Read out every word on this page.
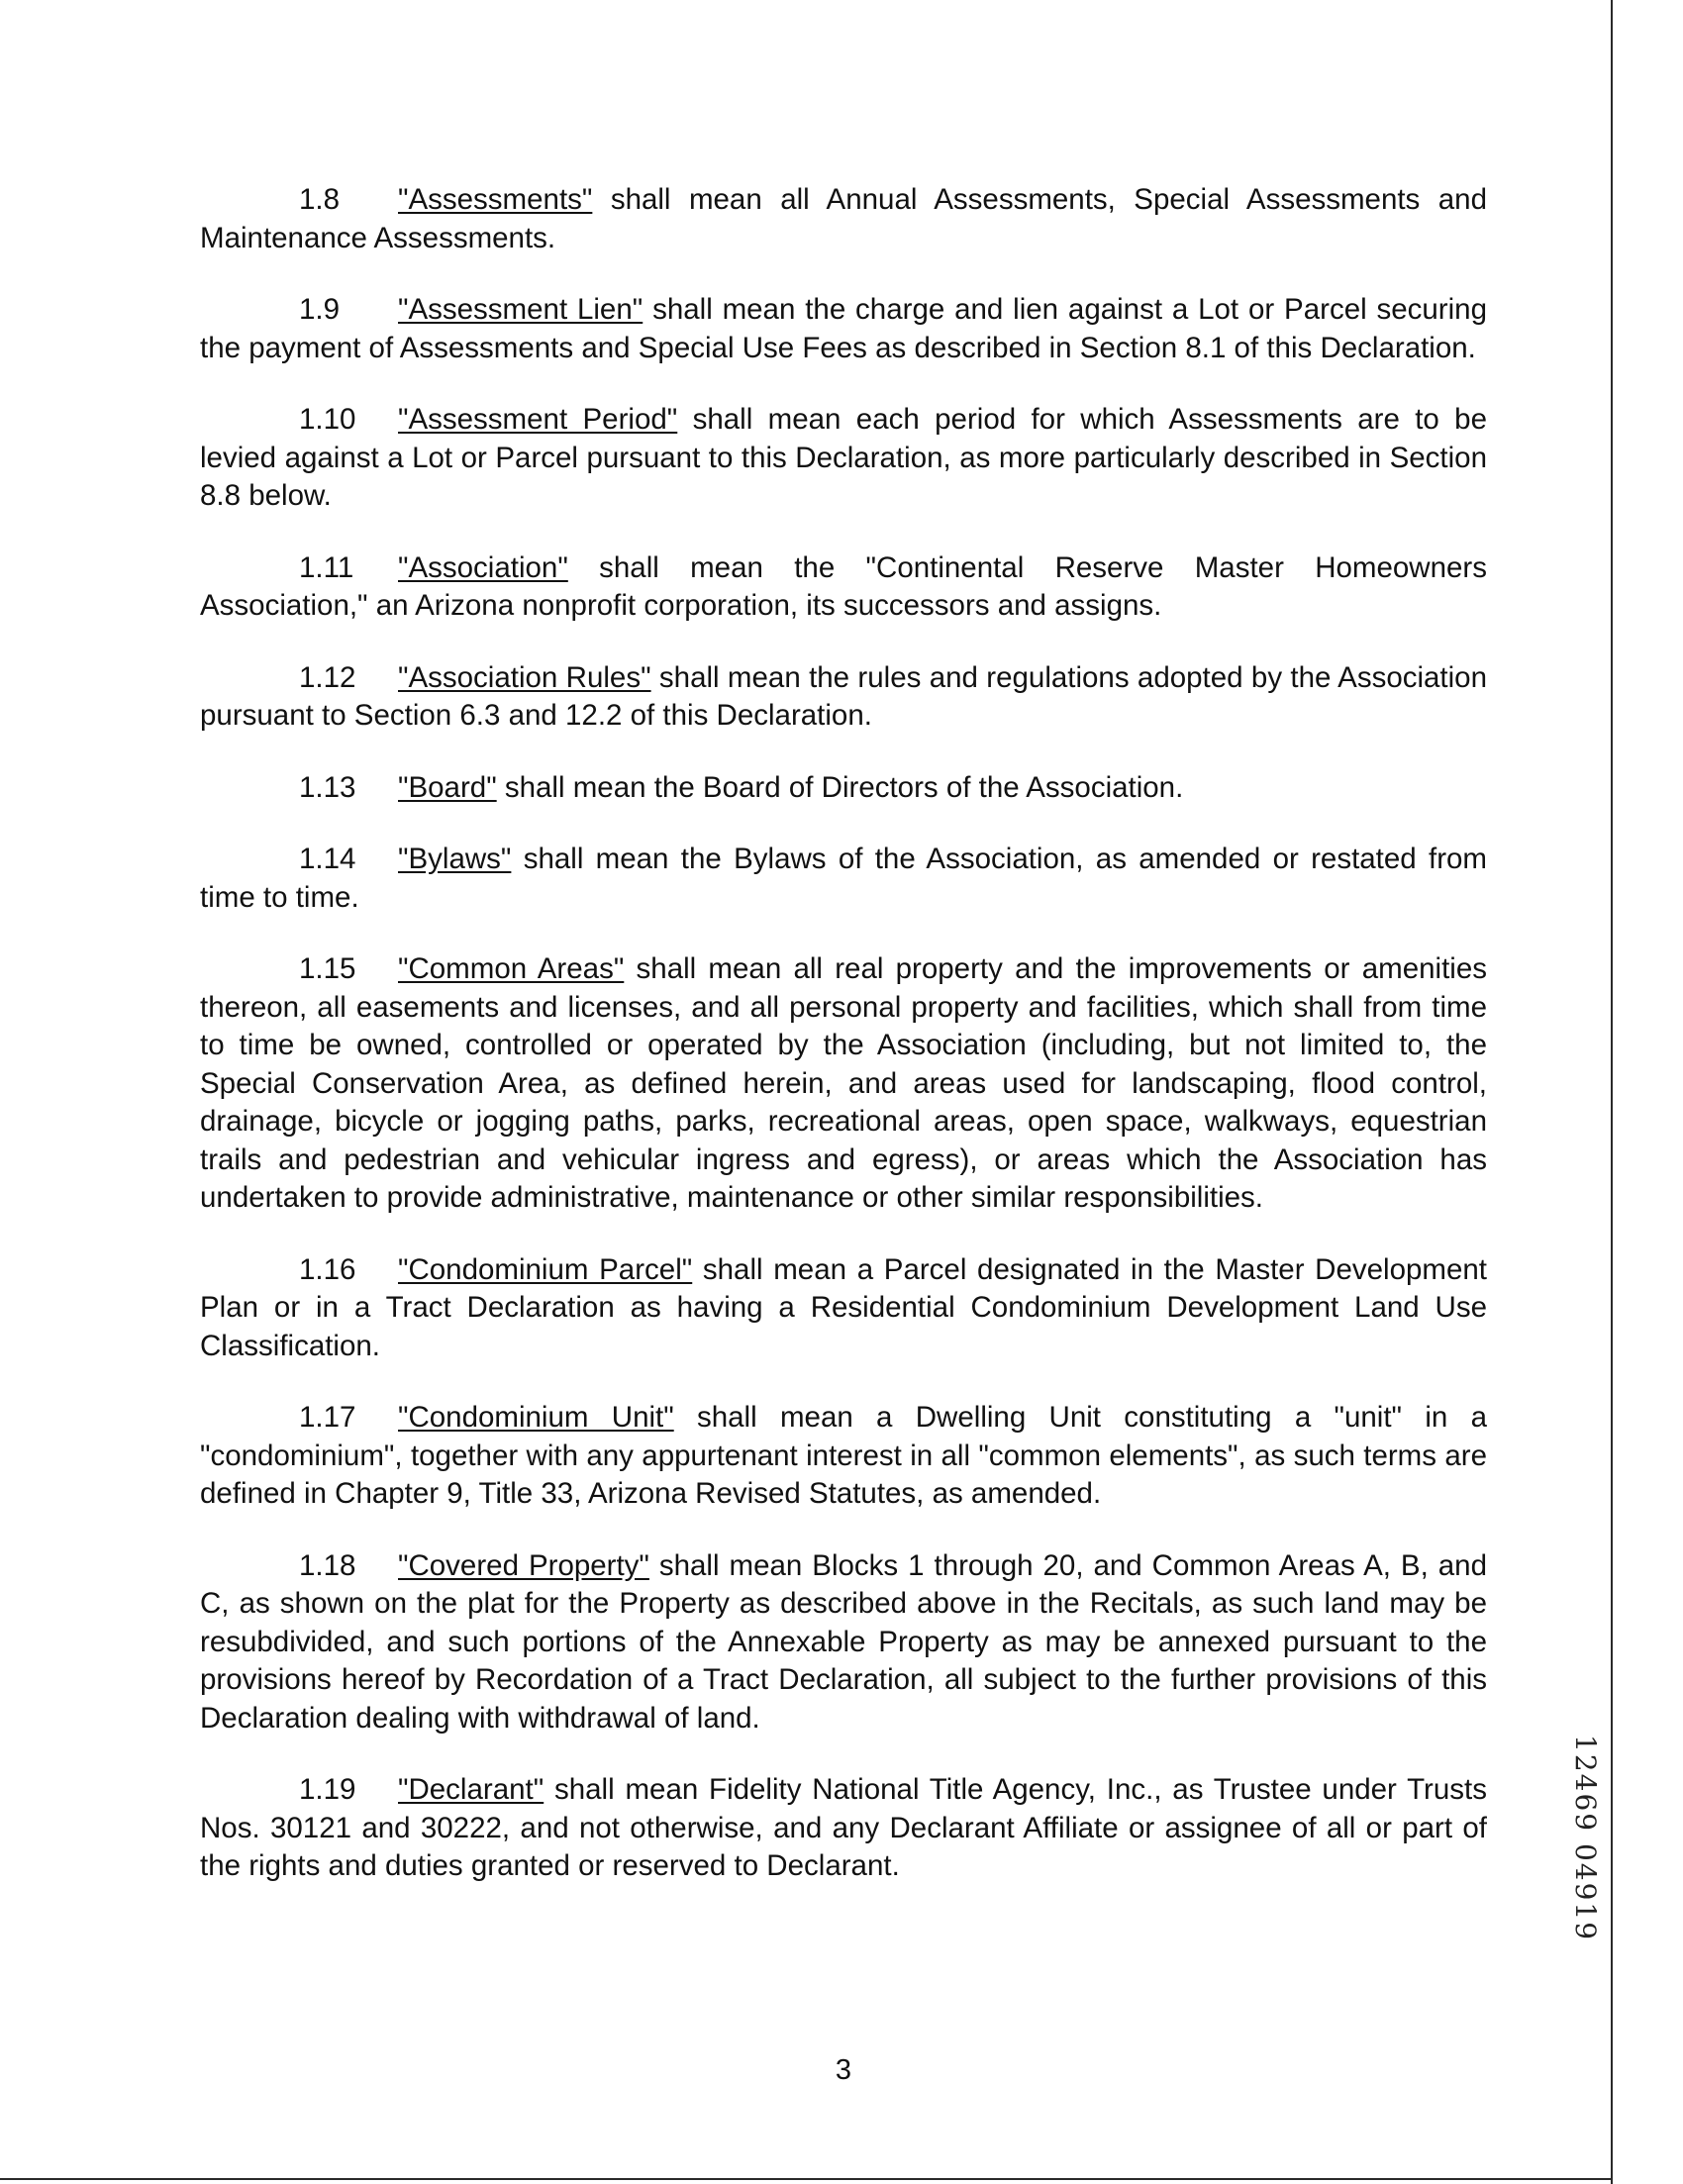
1.8 "Assessments" shall mean all Annual Assessments, Special Assessments and Maintenance Assessments.

1.9 "Assessment Lien" shall mean the charge and lien against a Lot or Parcel securing the payment of Assessments and Special Use Fees as described in Section 8.1 of this Declaration.

1.10 "Assessment Period" shall mean each period for which Assessments are to be levied against a Lot or Parcel pursuant to this Declaration, as more particularly described in Section 8.8 below.

1.11 "Association" shall mean the "Continental Reserve Master Homeowners Association," an Arizona nonprofit corporation, its successors and assigns.

1.12 "Association Rules" shall mean the rules and regulations adopted by the Association pursuant to Section 6.3 and 12.2 of this Declaration.

1.13 "Board" shall mean the Board of Directors of the Association.

1.14 "Bylaws" shall mean the Bylaws of the Association, as amended or restated from time to time.

1.15 "Common Areas" shall mean all real property and the improvements or amenities thereon, all easements and licenses, and all personal property and facilities, which shall from time to time be owned, controlled or operated by the Association (including, but not limited to, the Special Conservation Area, as defined herein, and areas used for landscaping, flood control, drainage, bicycle or jogging paths, parks, recreational areas, open space, walkways, equestrian trails and pedestrian and vehicular ingress and egress), or areas which the Association has undertaken to provide administrative, maintenance or other similar responsibilities.

1.16 "Condominium Parcel" shall mean a Parcel designated in the Master Development Plan or in a Tract Declaration as having a Residential Condominium Development Land Use Classification.

1.17 "Condominium Unit" shall mean a Dwelling Unit constituting a "unit" in a "condominium", together with any appurtenant interest in all "common elements", as such terms are defined in Chapter 9, Title 33, Arizona Revised Statutes, as amended.

1.18 "Covered Property" shall mean Blocks 1 through 20, and Common Areas A, B, and C, as shown on the plat for the Property as described above in the Recitals, as such land may be resubdivided, and such portions of the Annexable Property as may be annexed pursuant to the provisions hereof by Recordation of a Tract Declaration, all subject to the further provisions of this Declaration dealing with withdrawal of land.

1.19 "Declarant" shall mean Fidelity National Title Agency, Inc., as Trustee under Trusts Nos. 30121 and 30222, and not otherwise, and any Declarant Affiliate or assignee of all or part of the rights and duties granted or reserved to Declarant.

3
12469 04919
